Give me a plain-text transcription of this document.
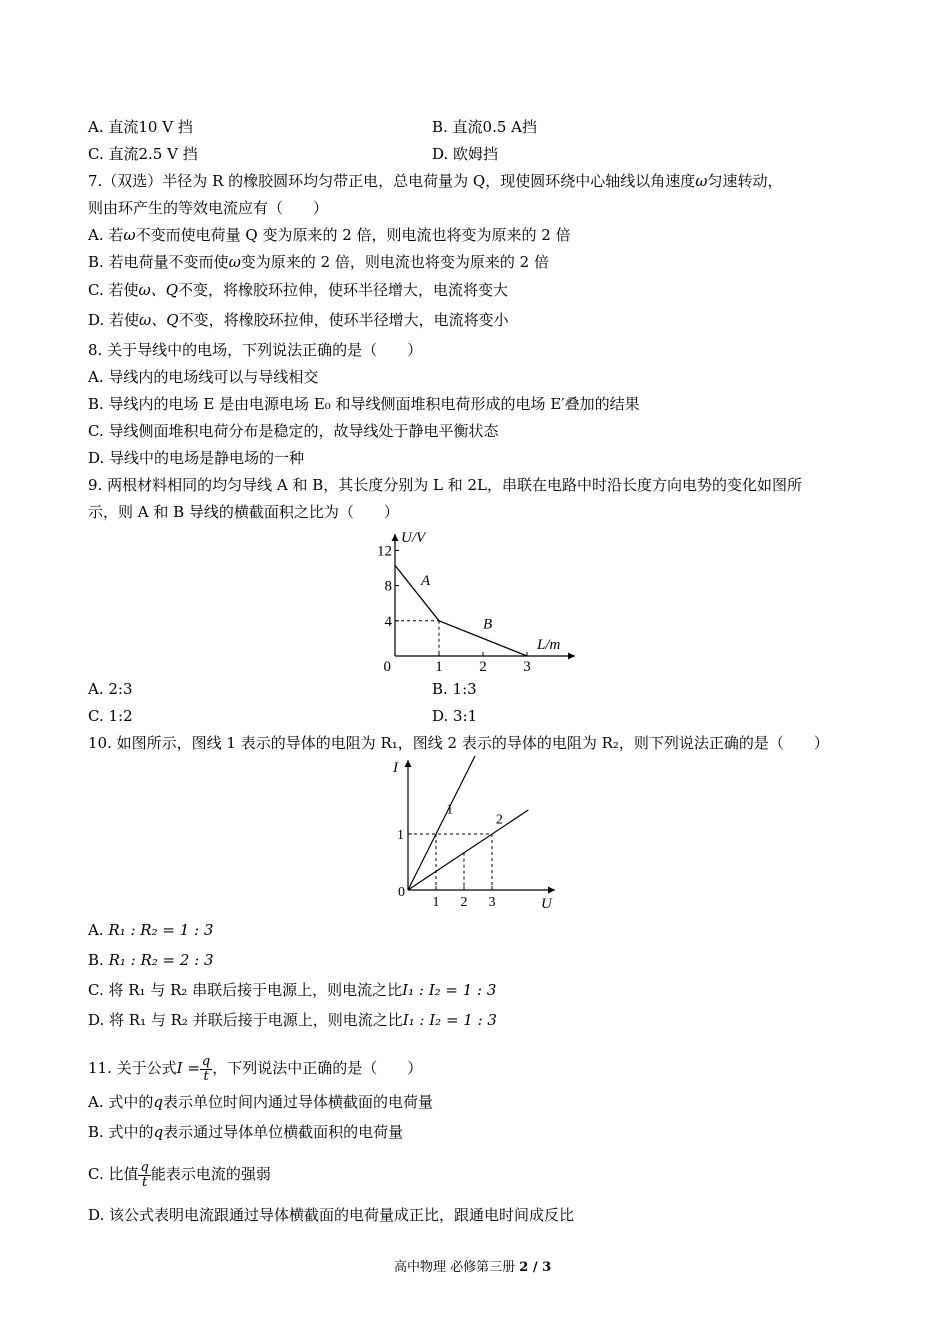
A. 直流10 V 挡	B. 直流0.5 A挡
C. 直流2.5 V 挡	D. 欧姆挡
7.（双选）半径为 R 的橡胶圆环均匀带正电，总电荷量为 Q，现使圆环绕中心轴线以角速度ω匀速转动，
则由环产生的等效电流应有（　　）
A. 若ω不变而使电荷量 Q 变为原来的 2 倍，则电流也将变为原来的 2 倍
B. 若电荷量不变而使ω变为原来的 2 倍，则电流也将变为原来的 2 倍
C. 若使ω、Q不变，将橡胶环拉伸，使环半径增大，电流将变大
D. 若使ω、Q不变，将橡胶环拉伸，使环半径增大，电流将变小
8. 关于导线中的电场，下列说法正确的是（　　）
A. 导线内的电场线可以与导线相交
B. 导线内的电场 E 是由电源电场 E₀ 和导线侧面堆积电荷形成的电场 E′叠加的结果
C. 导线侧面堆积电荷分布是稳定的，故导线处于静电平衡状态
D. 导线中的电场是静电场的一种
9. 两根材料相同的均匀导线 A 和 B，其长度分别为 L 和 2L，串联在电路中时沿长度方向电势的变化如图所
示，则 A 和 B 导线的横截面积之比为（　　）
A
B
1 2 3
4
8
12
U/V
L/m
0
A. 2:3	B. 1:3
C. 1:2	D. 3:1
10. 如图所示，图线 1 表示的导体的电阻为 R₁，图线 2 表示的导体的电阻为 R₂，则下列说法正确的是（　　）
1
2
1 2 3
1
I
U
0
A. R₁ : R₂ = 1 : 3
B. R₁ : R₂ = 2 : 3
C. 将 R₁ 与 R₂ 串联后接于电源上，则电流之比I₁ : I₂ = 1 : 3
D. 将 R₁ 与 R₂ 并联后接于电源上，则电流之比I₁ : I₂ = 1 : 3
11. 关于公式$I = \frac{q}{t}$ ，下列说法中正确的是（　　）
A. 式中的q表示单位时间内通过导体横截面的电荷量
B. 式中的q表示通过导体单位横截面积的电荷量
C. 比值 $\frac{q}{t}$ 能表示电流的强弱
D. 该公式表明电流跟通过导体横截面的电荷量成正比，跟通电时间成反比
高中物理 必修第三册 2 / 3
